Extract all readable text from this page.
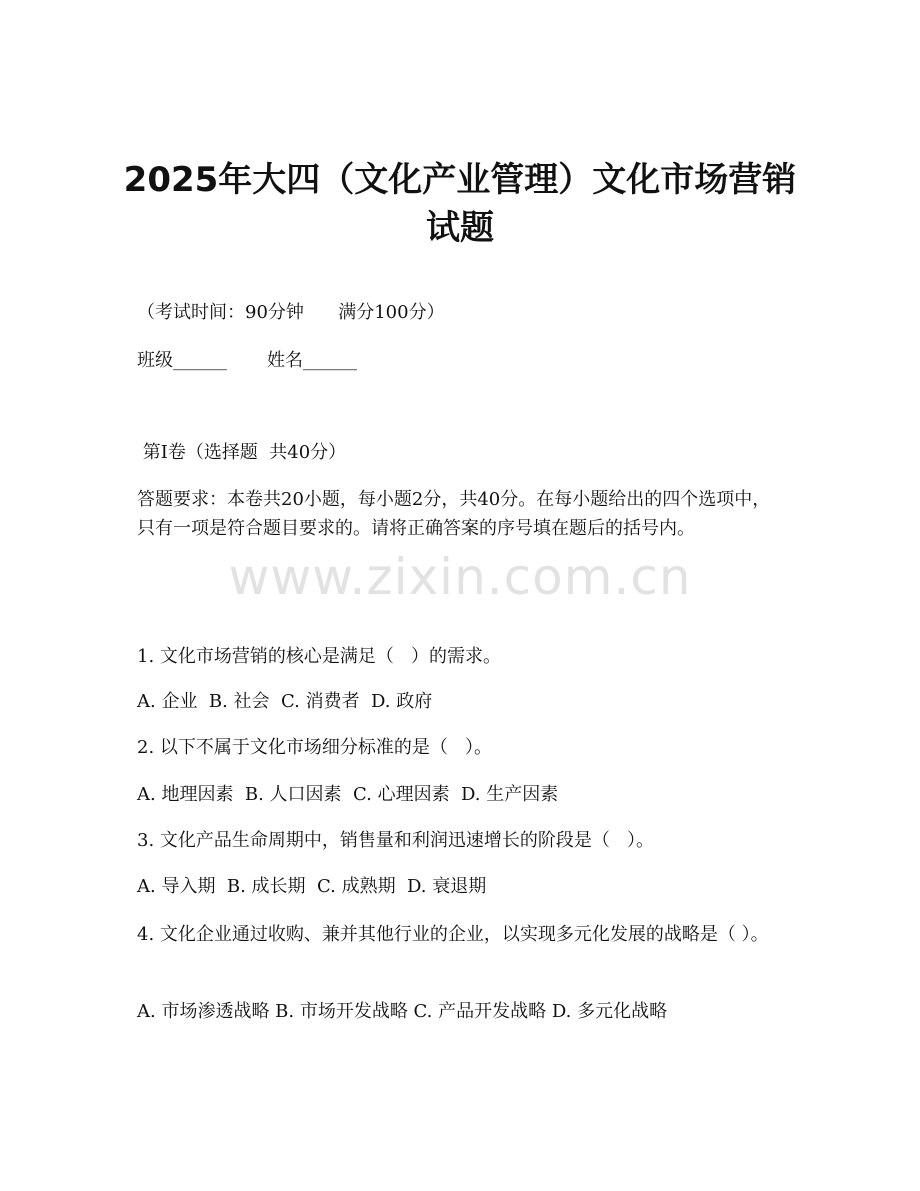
2025年大四（文化产业管理）文化市场营销
试题
（考试时间：90分钟      满分100分）
班级______       姓名______
第I卷（选择题  共40分）
答题要求：本卷共20小题，每小题2分，共40分。在每小题给出的四个选项中，只有一项是符合题目要求的。请将正确答案的序号填在题后的括号内。
www.zixin.com.cn
1. 文化市场营销的核心是满足（   ）的需求。
A. 企业  B. 社会  C. 消费者  D. 政府
2. 以下不属于文化市场细分标准的是（   ）。
A. 地理因素  B. 人口因素  C. 心理因素  D. 生产因素
3. 文化产品生命周期中，销售量和利润迅速增长的阶段是（   ）。
A. 导入期  B. 成长期  C. 成熟期  D. 衰退期
4. 文化企业通过收购、兼并其他行业的企业，以实现多元化发展的战略是（ ）。
A. 市场渗透战略 B. 市场开发战略 C. 产品开发战略 D. 多元化战略
